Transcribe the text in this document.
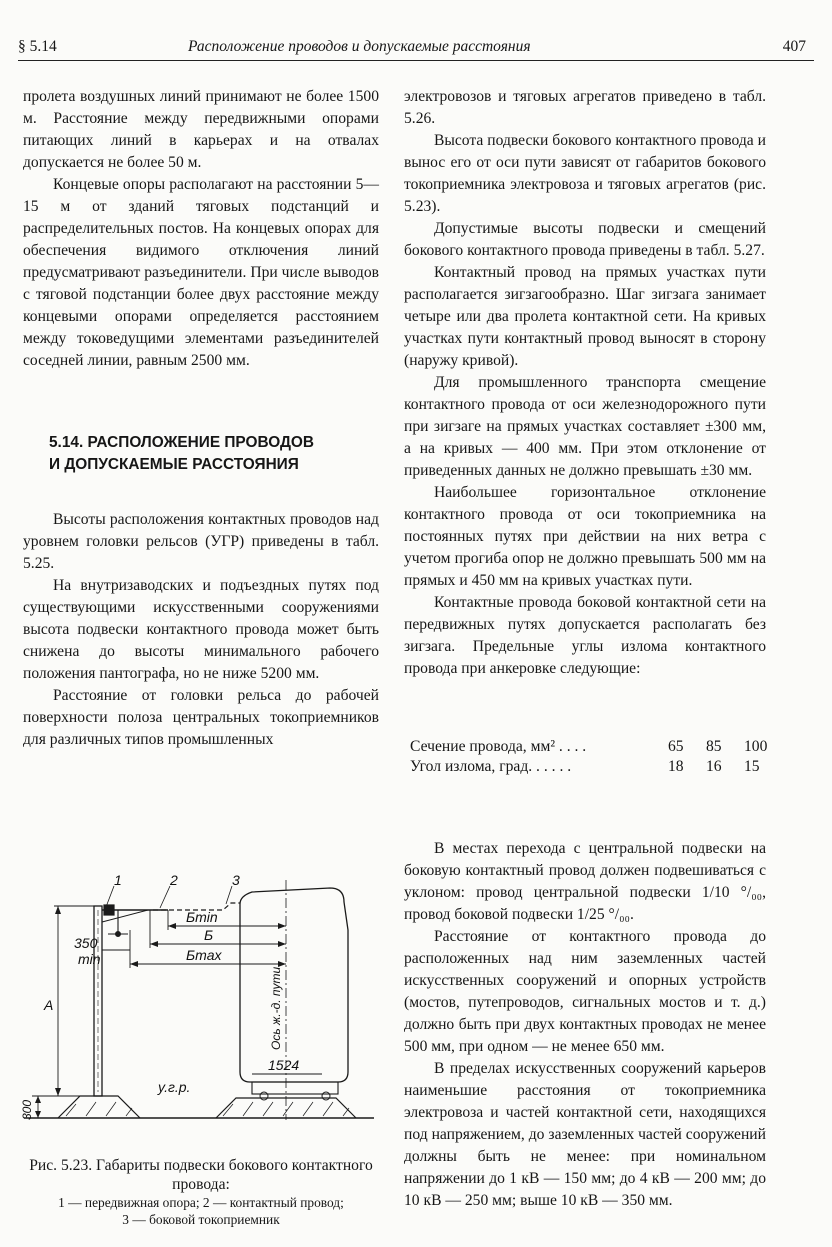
§ 5.14	Расположение проводов и допускаемые расстояния	407

пролета воздушных линий принимают не более 1500 м. Расстояние между передвижными опорами питающих линий в карьерах и на отвалах допускается не более 50 м.

Концевые опоры располагают на расстоянии 5—15 м от зданий тяговых подстанций и распределительных постов. На концевых опорах для обеспечения видимого отключения линий предусматривают разъединители. При числе выводов с тяговой подстанции более двух расстояние между концевыми опорами определяется расстоянием между токоведущими элементами разъединителей соседней линии, равным 2500 мм.

5.14. РАСПОЛОЖЕНИЕ ПРОВОДОВ
И ДОПУСКАЕМЫЕ РАССТОЯНИЯ

Высоты расположения контактных проводов над уровнем головки рельсов (УГР) приведены в табл. 5.25.

На внутризаводских и подъездных путях под существующими искусственными сооружениями высота подвески контактного провода может быть снижена до высоты минимального рабочего положения пантографа, но не ниже 5200 мм.

Расстояние от головки рельса до рабочей поверхности полоза центральных токоприемников для различных типов промышленных

электровозов и тяговых агрегатов приведено в табл. 5.26.

Высота подвески бокового контактного провода и вынос его от оси пути зависят от габаритов бокового токоприемника электровоза и тяговых агрегатов (рис. 5.23).

Допустимые высоты подвески и смещений бокового контактного провода приведены в табл. 5.27.

Контактный провод на прямых участках пути располагается зигзагообразно. Шаг зигзага занимает четыре или два пролета контактной сети. На кривых участках пути контактный провод выносят в сторону (наружу кривой).

Для промышленного транспорта смещение контактного провода от оси железнодорожного пути при зигзаге на прямых участках составляет ±300 мм, а на кривых — 400 мм. При этом отклонение от приведенных данных не должно превышать ±30 мм.

Наибольшее горизонтальное отклонение контактного провода от оси токоприемника на постоянных путях при действии на них ветра с учетом прогиба опор не должно превышать 500 мм на прямых и 450 мм на кривых участках пути.

Контактные провода боковой контактной сети на передвижных путях допускается располагать без зигзага. Предельные углы излома контактного провода при анкеровке следующие:

Сечение провода, мм² . . . .	65	85	100
Угол излома, град. . . . . .	18	16	15

В местах перехода с центральной подвески на боковую контактный провод должен подвешиваться с уклоном: провод центральной подвески 1/10 °/₀₀, провод боковой подвески 1/25 °/₀₀.

Расстояние от контактного провода до расположенных над ним заземленных частей искусственных сооружений и опорных устройств (мостов, путепроводов, сигнальных мостов и т. д.) должно быть при двух контактных проводах не менее 500 мм, при одном — не менее 650 мм.

В пределах искусственных сооружений карьеров наименьшие расстояния от токоприемника электровоза и частей контактной сети, находящихся под напряжением, до заземленных частей сооружений должны быть не менее: при номинальном напряжении до 1 кВ — 150 мм; до 4 кВ — 200 мм; до 10 кВ — 250 мм; выше 10 кВ — 350 мм.

1	2	3
Бmin
Б
Бmax
350
min
А	Ось ж.-д. пути
1524
у.г.р.
300
Рис. 5.23. Габариты подвески бокового контактного провода:
1 — передвижная опора; 2 — контактный провод;
3 — боковой токоприемник
